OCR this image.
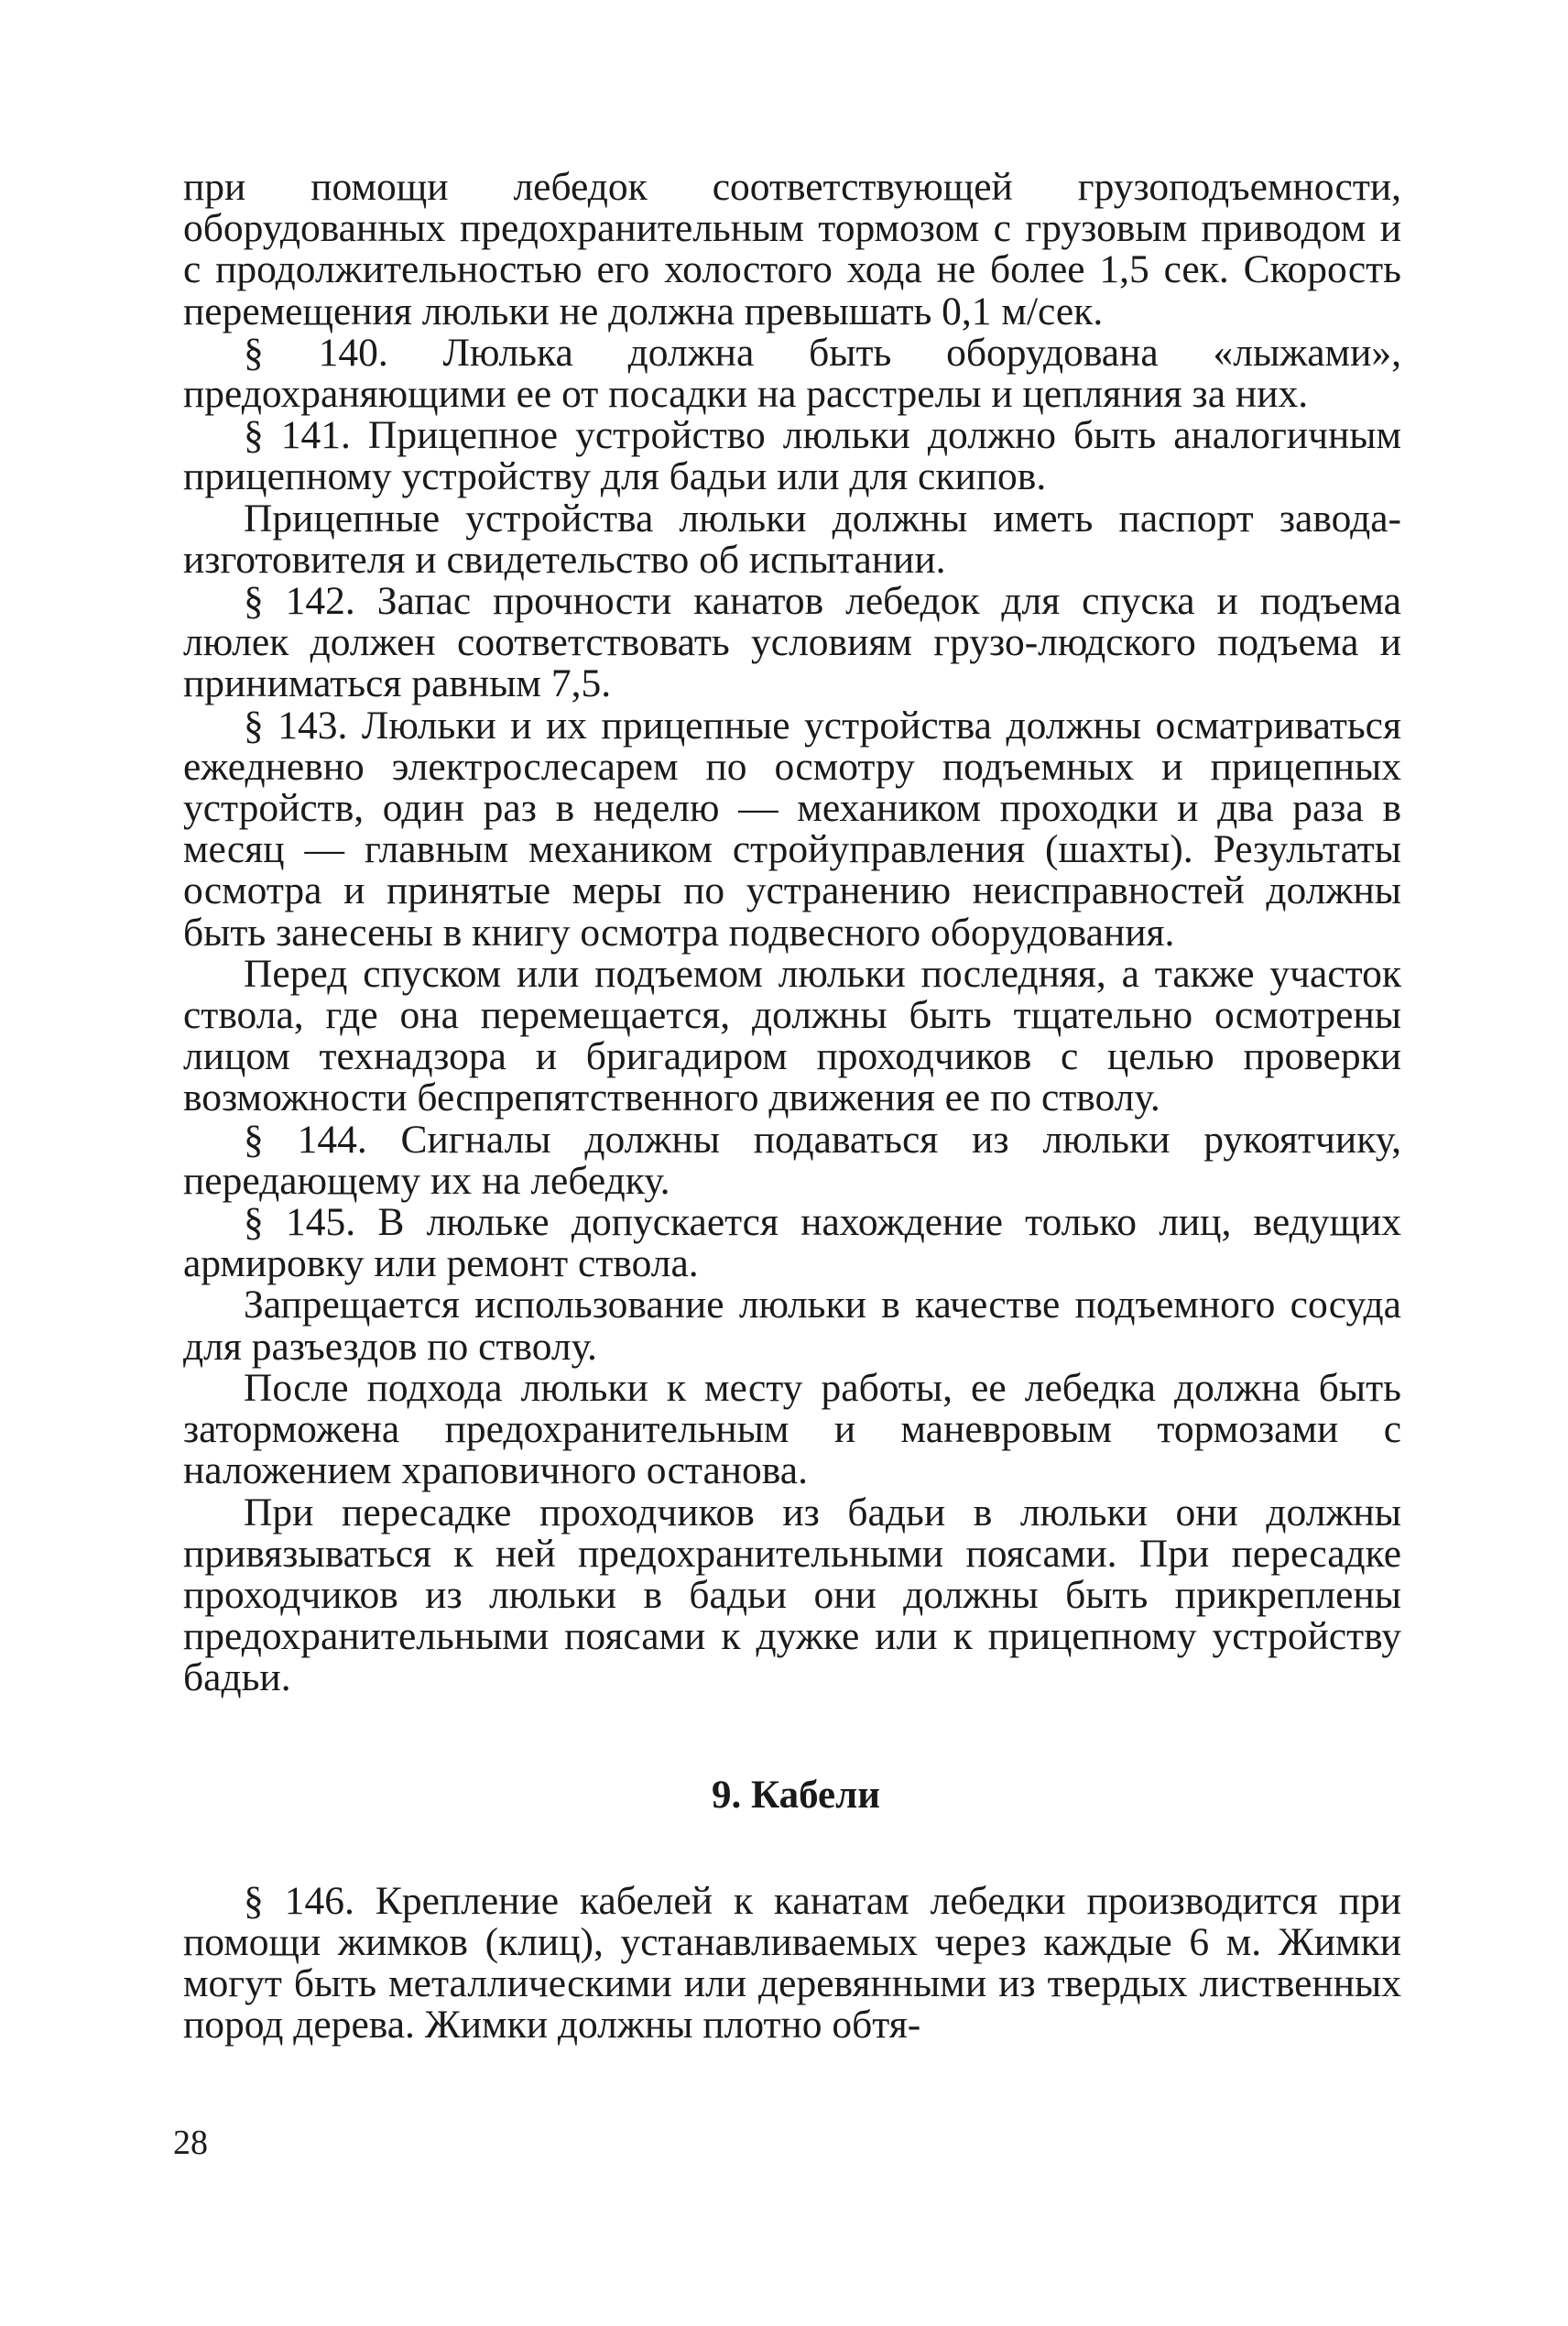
при помощи лебедок соответствующей грузоподъемности, оборудованных предохранительным тормозом с грузовым приводом и с продолжительностью его холостого хода не более 1,5 сек. Скорость перемещения люльки не должна превышать 0,1 м/сек.

§ 140. Люлька должна быть оборудована «лыжами», предохраняющими ее от посадки на расстрелы и цепляния за них.

§ 141. Прицепное устройство люльки должно быть аналогичным прицепному устройству для бадьи или для скипов.

Прицепные устройства люльки должны иметь паспорт завода-изготовителя и свидетельство об испытании.

§ 142. Запас прочности канатов лебедок для спуска и подъема люлек должен соответствовать условиям грузо-людского подъема и приниматься равным 7,5.

§ 143. Люльки и их прицепные устройства должны осматриваться ежедневно электрослесарем по осмотру подъемных и прицепных устройств, один раз в неделю — механиком проходки и два раза в месяц — главным механиком стройуправления (шахты). Результаты осмотра и принятые меры по устранению неисправностей должны быть занесены в книгу осмотра подвесного оборудования.

Перед спуском или подъемом люльки последняя, а также участок ствола, где она перемещается, должны быть тщательно осмотрены лицом технадзора и бригадиром проходчиков с целью проверки возможности беспрепятственного движения ее по стволу.

§ 144. Сигналы должны подаваться из люльки рукоятчику, передающему их на лебедку.

§ 145. В люльке допускается нахождение только лиц, ведущих армировку или ремонт ствола.

Запрещается использование люльки в качестве подъемного сосуда для разъездов по стволу.

После подхода люльки к месту работы, ее лебедка должна быть заторможена предохранительным и маневровым тормозами с наложением храповичного останова.

При пересадке проходчиков из бадьи в люльки они должны привязываться к ней предохранительными поясами. При пересадке проходчиков из люльки в бадьи они должны быть прикреплены предохранительными поясами к дужке или к прицепному устройству бадьи.

9. Кабели

§ 146. Крепление кабелей к канатам лебедки производится при помощи жимков (клиц), устанавливаемых через каждые 6 м. Жимки могут быть металлическими или деревянными из твердых лиственных пород дерева. Жимки должны плотно обтя-

28
